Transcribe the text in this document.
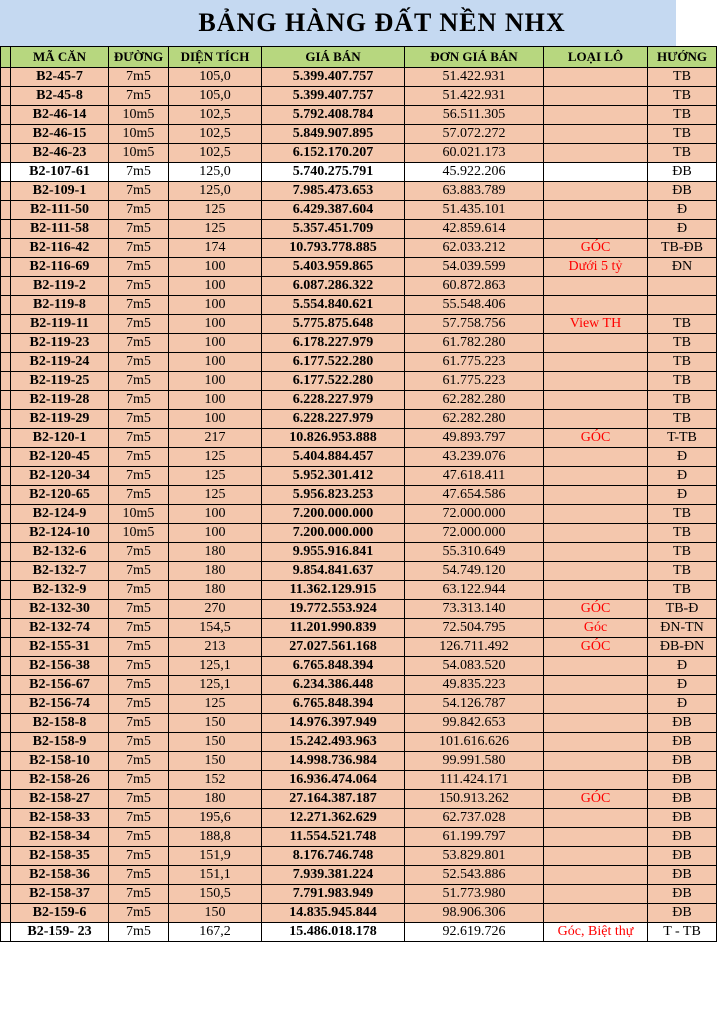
BẢNG HÀNG ĐẤT NỀN NHX
	MÃ CĂN	ĐƯỜNG	DIỆN TÍCH	GIÁ BÁN	ĐƠN GIÁ BÁN	LOẠI LÔ	HƯỚNG
	B2-45-7	7m5	105,0	5.399.407.757	51.422.931		TB
	B2-45-8	7m5	105,0	5.399.407.757	51.422.931		TB
	B2-46-14	10m5	102,5	5.792.408.784	56.511.305		TB
	B2-46-15	10m5	102,5	5.849.907.895	57.072.272		TB
	B2-46-23	10m5	102,5	6.152.170.207	60.021.173		TB
	B2-107-61	7m5	125,0	5.740.275.791	45.922.206		ĐB
	B2-109-1	7m5	125,0	7.985.473.653	63.883.789		ĐB
	B2-111-50	7m5	125	6.429.387.604	51.435.101		Đ
	B2-111-58	7m5	125	5.357.451.709	42.859.614		Đ
	B2-116-42	7m5	174	10.793.778.885	62.033.212	GÓC	TB-ĐB
	B2-116-69	7m5	100	5.403.959.865	54.039.599	Dưới 5 tỷ	ĐN
	B2-119-2	7m5	100	6.087.286.322	60.872.863		
	B2-119-8	7m5	100	5.554.840.621	55.548.406		
	B2-119-11	7m5	100	5.775.875.648	57.758.756	View TH	TB
	B2-119-23	7m5	100	6.178.227.979	61.782.280		TB
	B2-119-24	7m5	100	6.177.522.280	61.775.223		TB
	B2-119-25	7m5	100	6.177.522.280	61.775.223		TB
	B2-119-28	7m5	100	6.228.227.979	62.282.280		TB
	B2-119-29	7m5	100	6.228.227.979	62.282.280		TB
	B2-120-1	7m5	217	10.826.953.888	49.893.797	GÓC	T-TB
	B2-120-45	7m5	125	5.404.884.457	43.239.076		Đ
	B2-120-34	7m5	125	5.952.301.412	47.618.411		Đ
	B2-120-65	7m5	125	5.956.823.253	47.654.586		Đ
	B2-124-9	10m5	100	7.200.000.000	72.000.000		TB
	B2-124-10	10m5	100	7.200.000.000	72.000.000		TB
	B2-132-6	7m5	180	9.955.916.841	55.310.649		TB
	B2-132-7	7m5	180	9.854.841.637	54.749.120		TB
	B2-132-9	7m5	180	11.362.129.915	63.122.944		TB
	B2-132-30	7m5	270	19.772.553.924	73.313.140	GÓC	TB-Đ
	B2-132-74	7m5	154,5	11.201.990.839	72.504.795	Góc	ĐN-TN
	B2-155-31	7m5	213	27.027.561.168	126.711.492	GÓC	ĐB-ĐN
	B2-156-38	7m5	125,1	6.765.848.394	54.083.520		Đ
	B2-156-67	7m5	125,1	6.234.386.448	49.835.223		Đ
	B2-156-74	7m5	125	6.765.848.394	54.126.787		Đ
	B2-158-8	7m5	150	14.976.397.949	99.842.653		ĐB
	B2-158-9	7m5	150	15.242.493.963	101.616.626		ĐB
	B2-158-10	7m5	150	14.998.736.984	99.991.580		ĐB
	B2-158-26	7m5	152	16.936.474.064	111.424.171		ĐB
	B2-158-27	7m5	180	27.164.387.187	150.913.262	GÓC	ĐB
	B2-158-33	7m5	195,6	12.271.362.629	62.737.028		ĐB
	B2-158-34	7m5	188,8	11.554.521.748	61.199.797		ĐB
	B2-158-35	7m5	151,9	8.176.746.748	53.829.801		ĐB
	B2-158-36	7m5	151,1	7.939.381.224	52.543.886		ĐB
	B2-158-37	7m5	150,5	7.791.983.949	51.773.980		ĐB
	B2-159-6	7m5	150	14.835.945.844	98.906.306		ĐB
	B2-159- 23	7m5	167,2	15.486.018.178	92.619.726	Góc, Biệt thự	T - TB
